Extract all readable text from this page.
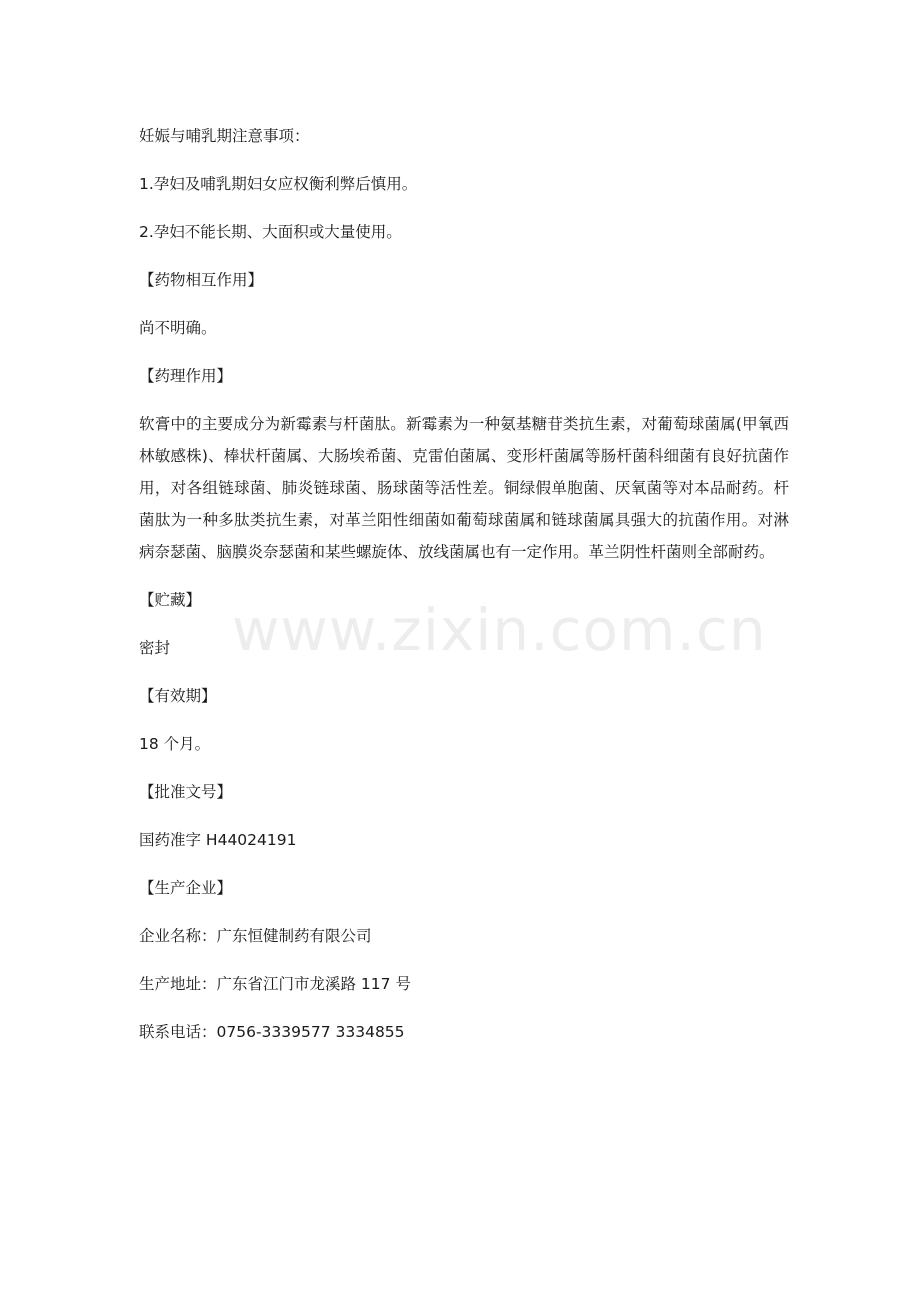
www.zixin.com.cn
妊娠与哺乳期注意事项：
1.孕妇及哺乳期妇女应权衡利弊后慎用。
2.孕妇不能长期、大面积或大量使用。
【药物相互作用】
尚不明确。
【药理作用】
软膏中的主要成分为新霉素与杆菌肽。新霉素为一种氨基糖苷类抗生素，对葡萄球菌属(甲氧西林敏感株)、棒状杆菌属、大肠埃希菌、克雷伯菌属、变形杆菌属等肠杆菌科细菌有良好抗菌作用，对各组链球菌、肺炎链球菌、肠球菌等活性差。铜绿假单胞菌、厌氧菌等对本品耐药。杆菌肽为一种多肽类抗生素，对革兰阳性细菌如葡萄球菌属和链球菌属具强大的抗菌作用。对淋病奈瑟菌、脑膜炎奈瑟菌和某些螺旋体、放线菌属也有一定作用。革兰阴性杆菌则全部耐药。
【贮藏】
密封
【有效期】
18 个月。
【批准文号】
国药准字 H44024191
【生产企业】
企业名称：广东恒健制药有限公司
生产地址：广东省江门市龙溪路 117 号
联系电话：0756-3339577 3334855
